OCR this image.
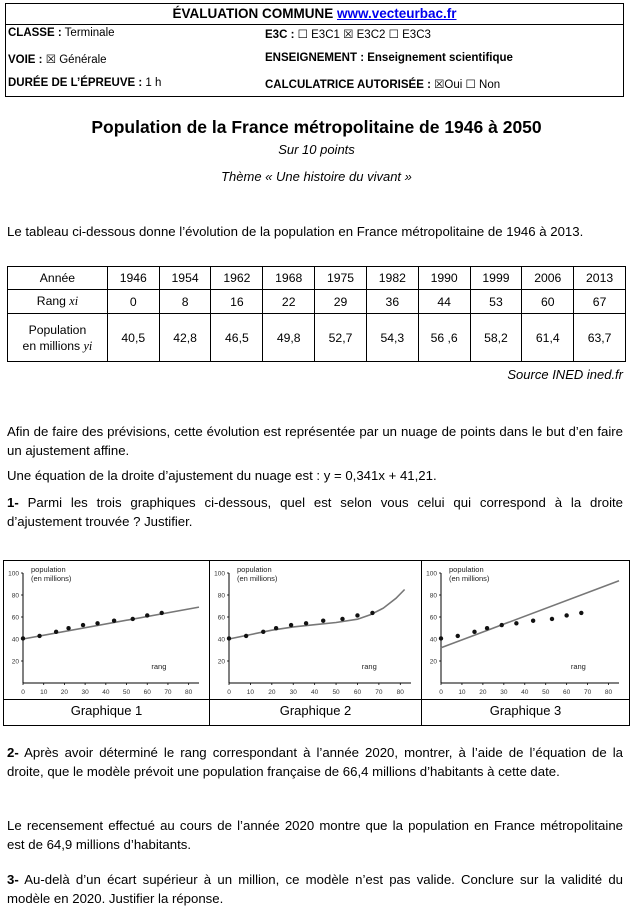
ÉVALUATION COMMUNE www.vecteurbac.fr
CLASSE : Terminale	E3C : ☐ E3C1 ☒ E3C2 ☐ E3C3
VOIE : ☒ Générale	ENSEIGNEMENT : Enseignement scientifique
DURÉE DE L’ÉPREUVE : 1 h	CALCULATRICE AUTORISÉE : ☒Oui ☐ Non
Population de la France métropolitaine de 1946 à 2050
Sur 10 points
Thème « Une histoire du vivant »
Le tableau ci-dessous donne l’évolution de la population en France métropolitaine de 1946 à 2013.
Année	1946	1954	1962	1968	1975	1982	1990	1999	2006	2013
Rang xi	0	8	16	22	29	36	44	53	60	67
Population
en millions yi	40,5	42,8	46,5	49,8	52,7	54,3	56 ,6	58,2	61,4	63,7
Source INED ined.fr
Afin de faire des prévisions, cette évolution est représentée par un nuage de points dans le but d’en faire un ajustement affine.
Une équation de la droite d’ajustement du nuage est : y = 0,341x + 41,21.
1- Parmi les trois graphiques ci-dessous, quel est selon vous celui qui correspond à la droite d’ajustement trouvée ? Justifier.
100
80
60
40
20
0 10 20 30 40 50 60 70 80
population
(en millions)
rang
Graphique 1
100
80
60
40
20
0 10 20 30 40 50 60 70 80
population
(en millions)
rang
Graphique 2
100
80
60
40
20
0 10 20 30 40 50 60 70 80
population
(en millions)
rang
Graphique 3
2- Après avoir déterminé le rang correspondant à l’année 2020, montrer, à l’aide de l’équation de la droite, que le modèle prévoit une population française de 66,4 millions d’habitants à cette date.
Le recensement effectué au cours de l’année 2020 montre que la population en France métropolitaine est de 64,9 millions d’habitants.
3- Au-delà d’un écart supérieur à un million, ce modèle n’est pas valide. Conclure sur la validité du modèle en 2020. Justifier la réponse.
